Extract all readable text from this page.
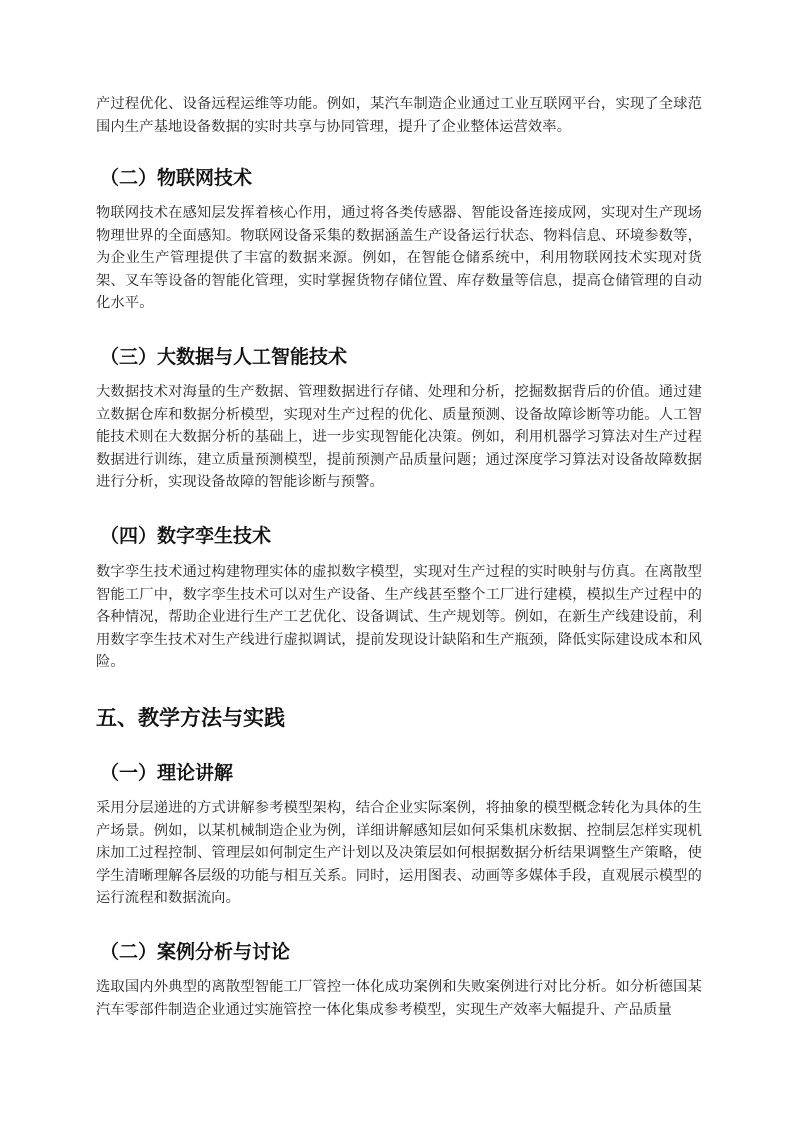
产过程优化、设备远程运维等功能。例如，某汽车制造企业通过工业互联网平台，实现了全球范围内生产基地设备数据的实时共享与协同管理，提升了企业整体运营效率。
（二）物联网技术
物联网技术在感知层发挥着核心作用，通过将各类传感器、智能设备连接成网，实现对生产现场物理世界的全面感知。物联网设备采集的数据涵盖生产设备运行状态、物料信息、环境参数等，为企业生产管理提供了丰富的数据来源。例如，在智能仓储系统中，利用物联网技术实现对货架、叉车等设备的智能化管理，实时掌握货物存储位置、库存数量等信息，提高仓储管理的自动化水平。
（三）大数据与人工智能技术
大数据技术对海量的生产数据、管理数据进行存储、处理和分析，挖掘数据背后的价值。通过建立数据仓库和数据分析模型，实现对生产过程的优化、质量预测、设备故障诊断等功能。人工智能技术则在大数据分析的基础上，进一步实现智能化决策。例如，利用机器学习算法对生产过程数据进行训练，建立质量预测模型，提前预测产品质量问题；通过深度学习算法对设备故障数据进行分析，实现设备故障的智能诊断与预警。
（四）数字孪生技术
数字孪生技术通过构建物理实体的虚拟数字模型，实现对生产过程的实时映射与仿真。在离散型智能工厂中，数字孪生技术可以对生产设备、生产线甚至整个工厂进行建模，模拟生产过程中的各种情况，帮助企业进行生产工艺优化、设备调试、生产规划等。例如，在新生产线建设前，利用数字孪生技术对生产线进行虚拟调试，提前发现设计缺陷和生产瓶颈，降低实际建设成本和风险。
五、教学方法与实践
（一）理论讲解
采用分层递进的方式讲解参考模型架构，结合企业实际案例，将抽象的模型概念转化为具体的生产场景。例如，以某机械制造企业为例，详细讲解感知层如何采集机床数据、控制层怎样实现机床加工过程控制、管理层如何制定生产计划以及决策层如何根据数据分析结果调整生产策略，使学生清晰理解各层级的功能与相互关系。同时，运用图表、动画等多媒体手段，直观展示模型的运行流程和数据流向。
（二）案例分析与讨论
选取国内外典型的离散型智能工厂管控一体化成功案例和失败案例进行对比分析。如分析德国某汽车零部件制造企业通过实施管控一体化集成参考模型，实现生产效率大幅提升、产品质量
